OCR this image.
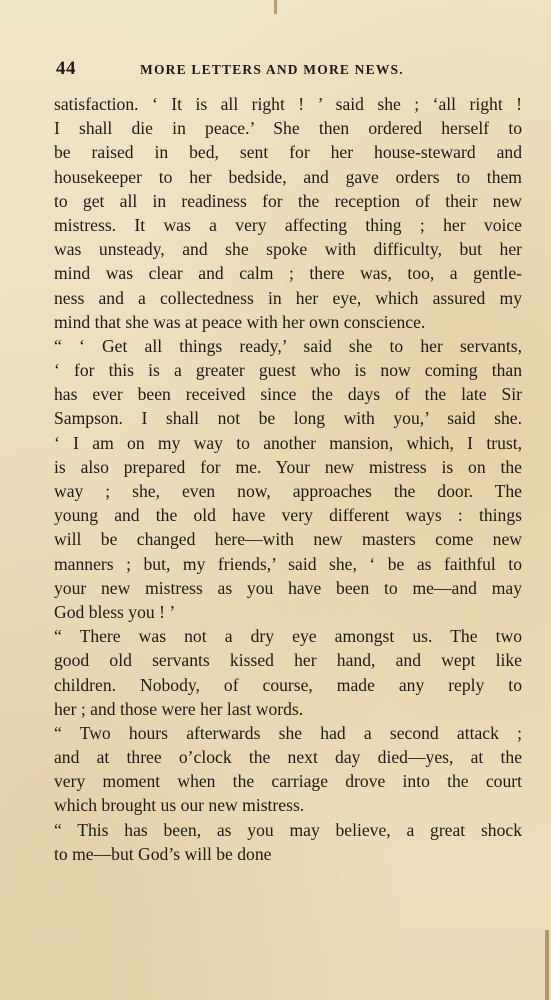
44	MORE LETTERS AND MORE NEWS.
satisfaction. ‘ It is all right ! ’ said she ; ‘all right !
I shall die in peace.’ She then ordered herself to
be raised in bed, sent for her house-steward and
housekeeper to her bedside, and gave orders to them
to get all in readiness for the reception of their new
mistress. It was a very affecting thing ; her voice
was unsteady, and she spoke with difficulty, but her
mind was clear and calm ; there was, too, a gentle-
ness and a collectedness in her eye, which assured my
mind that she was at peace with her own conscience.
“ ‘ Get all things ready,’ said she to her servants,
‘ for this is a greater guest who is now coming than
has ever been received since the days of the late Sir
Sampson. I shall not be long with you,’ said she.
‘ I am on my way to another mansion, which, I trust,
is also prepared for me. Your new mistress is on the
way ; she, even now, approaches the door. The
young and the old have very different ways : things
will be changed here—with new masters come new
manners ; but, my friends,’ said she, ‘ be as faithful to
your new mistress as you have been to me—and may
God bless you ! ’
“ There was not a dry eye amongst us. The two
good old servants kissed her hand, and wept like
children. Nobody, of course, made any reply to
her ; and those were her last words.
“ Two hours afterwards she had a second attack ;
and at three o’clock the next day died—yes, at the
very moment when the carriage drove into the court
which brought us our new mistress.
“ This has been, as you may believe, a great shock
to me—but God’s will be done
